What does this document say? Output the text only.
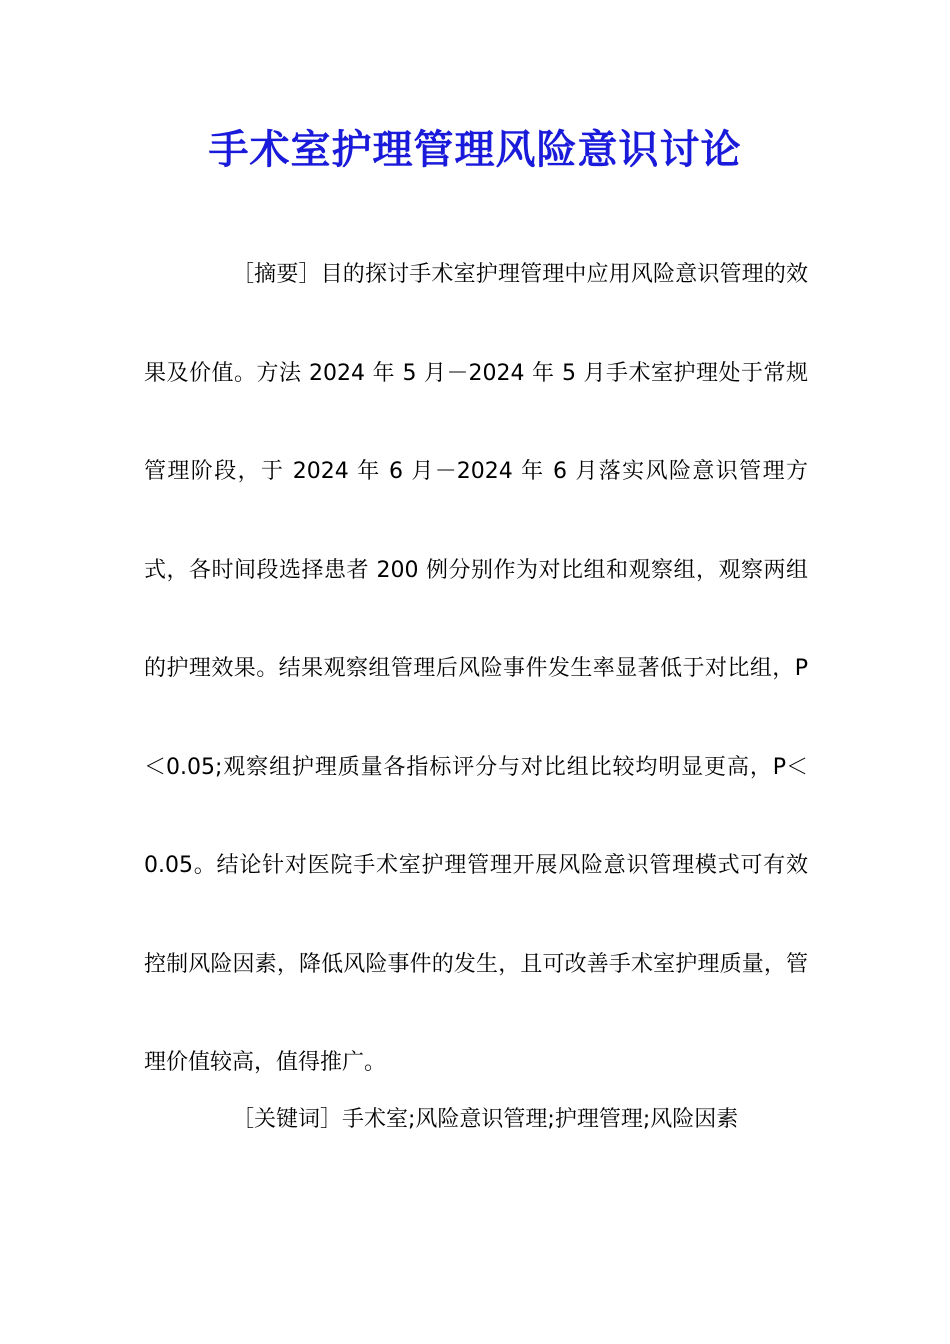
手术室护理管理风险意识讨论

［摘要］目的探讨手术室护理管理中应用风险意识管理的效果及价值。方法 2024 年 5 月－2024 年 5 月手术室护理处于常规管理阶段，于 2024 年 6 月－2024 年 6 月落实风险意识管理方式，各时间段选择患者 200 例分别作为对比组和观察组，观察两组的护理效果。结果观察组管理后风险事件发生率显著低于对比组，P＜0.05;观察组护理质量各指标评分与对比组比较均明显更高，P＜0.05。结论针对医院手术室护理管理开展风险意识管理模式可有效控制风险因素，降低风险事件的发生，且可改善手术室护理质量，管理价值较高，值得推广。

［关键词］手术室;风险意识管理;护理管理;风险因素
